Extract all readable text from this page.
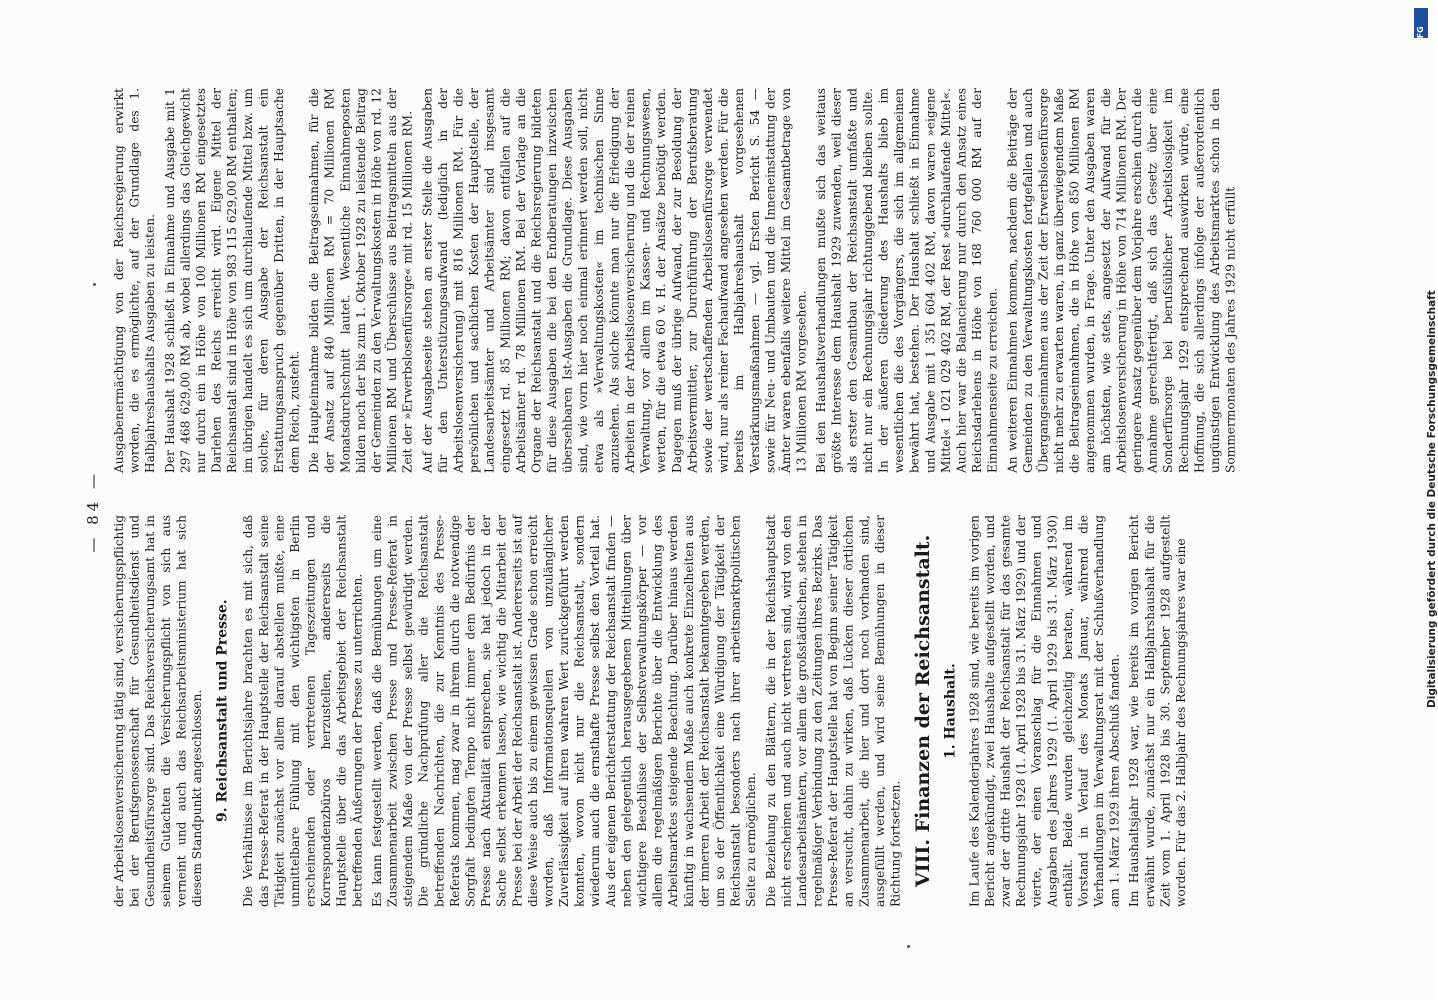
der Arbeitslosenversicherung tätig sind, versicherungspflichtig bei der Berufsgenossenschaft für Gesundheitsdienst und Gesundheitsfürsorge sind. Das Reichsversicherungsamt hat in seinem Gutachten die Versicherungspflicht von sich aus verneint und auch das Reichsarbeitsministerium hat sich diesem Standpunkt angeschlossen. 9. Reichsanstalt und Presse. Die Verhältnisse im Berichtsjahre brachten es mit sich, daß das Presse-Referat in der Hauptstelle der Reichsanstalt seine Tätigkeit zunächst vor allem darauf abstellen mußte, eine unmittelbare Fühlung mit den wichtigsten in Berlin erscheinenden oder vertretenen Tageszeitungen und Korrespondenzbüros herzustellen, andererseits die Hauptstelle über die das Arbeitsgebiet der Reichsanstalt betreffenden Äußerungen der Presse zu unterrichten. Es kann festgestellt werden, daß die Bemühungen um eine Zusammenarbeit zwischen Presse und Presse-Referat in steigendem Maße von der Presse selbst gewürdigt werden. Die gründliche Nachprüfung aller die Reichsanstalt betreffenden Nachrichten, die zur Kenntnis des Presse-Referats kommen, mag zwar in ihrem durch die notwendige Sorgfalt bedingten Tempo nicht immer dem Bedürfnis der Presse nach Aktualität entsprechen, sie hat jedoch in der Sache selbst erkennen lassen, wie wichtig die Mitarbeit der Presse bei der Arbeit der Reichsanstalt ist. Andererseits ist auf diese Weise auch bis zu einem gewissen Grade schon erreicht worden, daß Informationsquellen von unzulänglicher Zuverlässigkeit auf ihren wahren Wert zurückgeführt werden konnten, wovon nicht nur die Reichsanstalt, sondern wiederum auch die ernsthafte Presse selbst den Vorteil hat. Aus der eigenen Berichterstattung der Reichsanstalt finden — neben den gelegentlich herausgegebenen Mitteilungen über wichtigere Beschlüsse der Selbstverwaltungskörper — vor allem die regelmäßigen Berichte über die Entwicklung des Arbeitsmarktes steigende Beachtung. Darüber hinaus werden künftig in wachsendem Maße auch konkrete Einzelheiten aus der inneren Arbeit der Reichsanstalt bekanntgegeben werden, um so der Öffentlichkeit eine Würdigung der Tätigkeit der Reichsanstalt besonders nach ihrer arbeitsmarktpolitischen Seite zu ermöglichen. Die Beziehung zu den Blättern, die in der Reichshauptstadt nicht erscheinen und auch nicht vertreten sind, wird von den Landesarbeitsämtern, vor allem die großstädtischen, stehen in regelmäßiger Verbindung zu den Zeitungen ihres Bezirks. Das Presse-Referat der Hauptstelle hat von Beginn seiner Tätigkeit an versucht, dahin zu wirken, daß Lücken dieser örtlichen Zusammenarbeit, die hier und dort noch vorhanden sind, ausgefüllt werden, und wird seine Bemühungen in dieser Richtung fortsetzen. VIII. Finanzen der Reichsanstalt. 1. Haushalt. Im Laufe des Kalenderjahres 1928 sind, wie bereits im vorigen Bericht angekündigt, zwei Haushalte aufgestellt worden, und zwar der dritte Haushalt der Reichsanstalt für das gesamte Rechnungsjahr 1928 (1. April 1928 bis 31. März 1929) und der vierte, der einen Voranschlag für die Einnahmen und Ausgaben des Jahres 1929 (1. April 1929 bis 31. März 1930) enthält. Beide wurden gleichzeitig beraten, während im Vorstand in Verlauf des Monats Januar, während die Verhandlungen im Verwaltungsrat mit der Schlußverhandlung am 1. März 1929 ihren Abschluß fanden. Im Haushaltsjahr 1928 war, wie bereits im vorigen Bericht erwähnt wurde, zunächst nur ein Halbjahrshaushalt für die Zeit vom 1. April 1928 bis 30. September 1928 aufgestellt worden. Für das 2. Halbjahr des Rechnungsjahres war eine

— 84 —

Ausgabenermächtigung von der Reichsregierung erwirkt worden, die es ermöglichte, auf der Grundlage des 1. Halbjahreshaushalts Ausgaben zu leisten. Der Haushalt 1928 schließt in Einnahme und Ausgabe mit 1 297 468 629,00 RM ab, wobei allerdings das Gleichgewicht nur durch ein in Höhe von 100 Millionen RM eingesetztes Darlehen des Reichs erreicht wird. Eigene Mittel der Reichsanstalt sind in Höhe von 983 115 629,00 RM enthalten; im übrigen handelt es sich um durchlaufende Mittel bzw. um solche, für deren Ausgabe der Reichsanstalt ein Erstattungsanspruch gegenüber Dritten, in der Hauptsache dem Reich, zusteht. Die Haupteinnahme bilden die Beitragseinnahmen, für die der Ansatz auf 840 Millionen RM = 70 Millionen RM Monatsdurchschnitt lautet. Wesentliche Einnahmeposten bilden noch der bis zum 1. Oktober 1928 zu leistende Beitrag der Gemeinden zu den Verwaltungskosten in Höhe von rd. 12 Millionen RM und Überschüsse aus Beitragsmitteln aus der Zeit der »Erwerbslosenfürsorge« mit rd. 15 Millionen RM. Auf der Ausgabeseite stehen an erster Stelle die Ausgaben für den Unterstützungsaufwand (lediglich in der Arbeitslosenversicherung) mit 816 Millionen RM. Für die persönlichen und sachlichen Kosten der Hauptstelle, der Landesarbeitsämter und Arbeitsämter sind insgesamt eingesetzt rd. 85 Millionen RM; davon entfallen auf die Arbeitsämter rd. 78 Millionen RM. Bei der Vorlage an die Organe der Reichsanstalt und die Reichsregierung bildeten für diese Ausgaben die bei den Endberatungen inzwischen übersehbaren Ist-Ausgaben die Grundlage. Diese Ausgaben sind, wie vorn hier noch einmal erinnert werden soll, nicht etwa als »Verwaltungskosten« im technischen Sinne anzusehen. Als solche könnte man nur die Erledigung der Arbeiten in der Arbeitslosenversicherung und die der reinen Verwaltung, vor allem im Kassen- und Rechnungswesen, werten, für die etwa 60 v. H. der Ansätze benötigt werden. Dagegen muß der übrige Aufwand, der zur Besoldung der Arbeitsvermittler, zur Durchführung der Berufsberatung sowie der wertschaffenden Arbeitslosenfürsorge verwendet wird, nur als reiner Fachaufwand angesehen werden. Für die bereits im Halbjahreshaushalt vorgesehenen Verstärkungsmaßnahmen — vgl. Ersten Bericht S. 54 — sowie für Neu- und Umbauten und die Inneneinstattung der Ämter waren ebenfalls weitere Mittel im Gesamtbetrage von 13 Millionen RM vorgesehen. Bei den Haushaltsverhandlungen mußte sich das weitaus größte Interesse dem Haushalt 1929 zuwenden, weil dieser als erster den Gesamtbau der Reichsanstalt umfaßte und nicht nur ein Rechnungsjahr richtunggebend bleiben sollte. In der äußeren Gliederung des Haushalts blieb im wesentlichen die des Vorgängers, die sich im allgemeinen bewährt hat, bestehen. Der Haushalt schließt in Einnahme und Ausgabe mit 1 351 604 402 RM, davon waren »eigene Mittel« 1 021 029 402 RM, der Rest »durchlaufende Mittel«. Auch hier war die Balancierung nur durch den Ansatz eines Reichsdarlehens in Höhe von 168 760 000 RM auf der Einnahmenseite zu erreichen. An weiteren Einnahmen kommen, nachdem die Beiträge der Gemeinden zu den Verwaltungskosten fortgefallen und auch Übergangseinnahmen aus der Zeit der Erwerbslosenfürsorge nicht mehr zu erwarten waren, in ganz überwiegendem Maße die Beitragseinnahmen, die in Höhe von 850 Millionen RM angenommen wurden, in Frage. Unter den Ausgaben waren am höchsten, wie stets, angesetzt der Aufwand für die Arbeitslosenversicherung in Höhe von 714 Millionen RM. Der geringere Ansatz gegenüber dem Vorjahre erschien durch die Annahme gerechtfertigt, daß sich das Gesetz über eine Sonderfürsorge bei berufsüblicher Arbeitslosigkeit im Rechnungsjahr 1929 entsprechend auswirken würde, eine Hoffnung, die sich allerdings infolge der außerordentlich ungünstigen Entwicklung des Arbeitsmarktes schon in den Sommermonaten des Jahres 1929 nicht erfüllt

DFG
Digitalisierung gefördert durch die Deutsche Forschungsgemeinschaft
